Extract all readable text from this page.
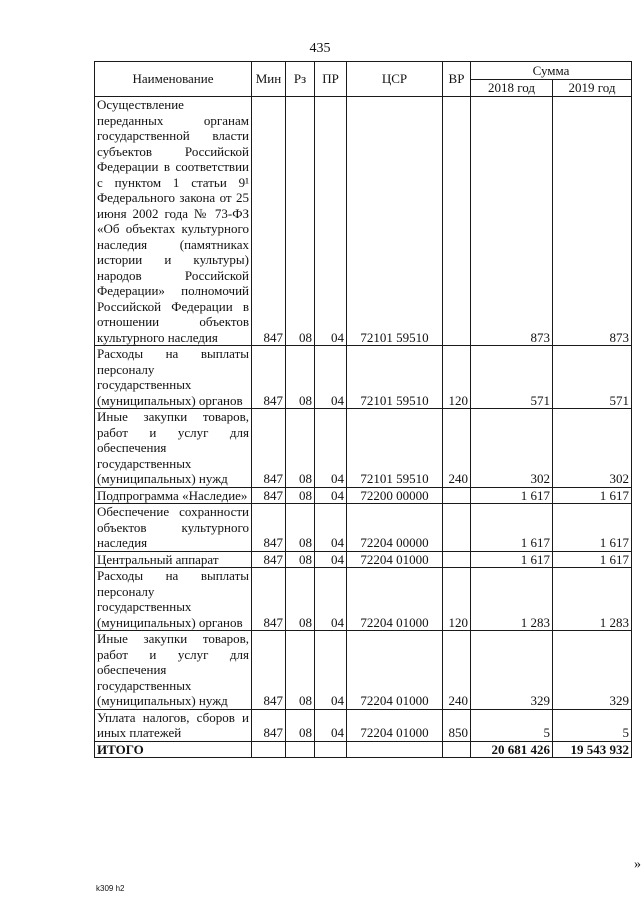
435
Наименование	Мин	Рз	ПР	ЦСР	ВР	Сумма	
						2018 год	2019 год
Осуществление переданных органам государственной власти субъектов Российской Федерации в соответствии с пунктом 1 статьи 9¹ Федерального закона от 25 июня 2002 года № 73-ФЗ «Об объектах культурного наследия (памятниках истории и культуры) народов Российской Федерации» полномочий Российской Федерации в отношении объектов культурного наследия	847	08	04	72101 59510		873	873
Расходы на выплаты персоналу государственных (муниципальных) органов	847	08	04	72101 59510	120	571	571
Иные закупки товаров, работ и услуг для обеспечения государственных (муниципальных) нужд	847	08	04	72101 59510	240	302	302
Подпрограмма «Наследие»	847	08	04	72200 00000		1 617	1 617
Обеспечение сохранности объектов культурного наследия	847	08	04	72204 00000		1 617	1 617
Центральный аппарат	847	08	04	72204 01000		1 617	1 617
Расходы на выплаты персоналу государственных (муниципальных) органов	847	08	04	72204 01000	120	1 283	1 283
Иные закупки товаров, работ и услуг для обеспечения государственных (муниципальных) нужд	847	08	04	72204 01000	240	329	329
Уплата налогов, сборов и иных платежей	847	08	04	72204 01000	850	5	5
ИТОГО						20 681 426	19 543 932
»
k309 h2
